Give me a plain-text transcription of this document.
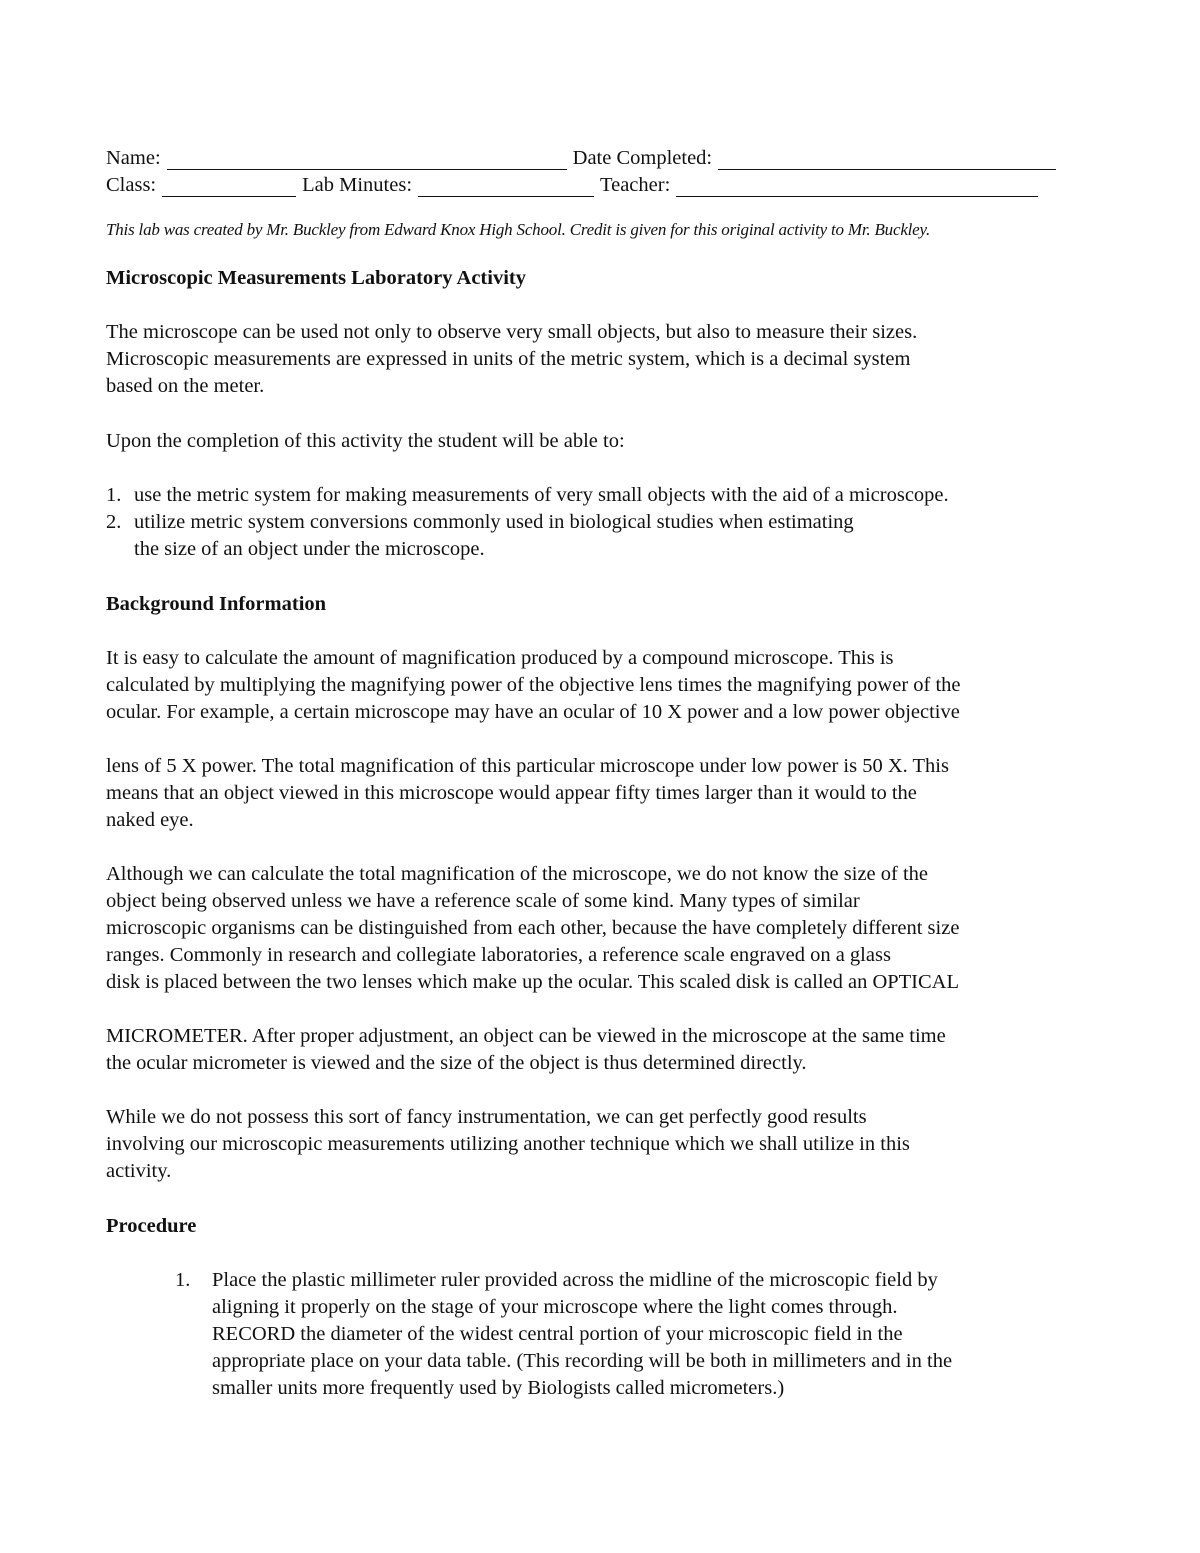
Name:	Date Completed:
Class:	Lab Minutes:	Teacher:
This lab was created by Mr. Buckley from Edward Knox High School. Credit is given for this original activity to Mr. Buckley.
Microscopic Measurements Laboratory Activity
The microscope can be used not only to observe very small objects, but also to measure their sizes.
Microscopic measurements are expressed in units of the metric system, which is a decimal system
based on the meter.
Upon the completion of this activity the student will be able to:
1. use the metric system for making measurements of very small objects with the aid of a microscope.
2. utilize metric system conversions commonly used in biological studies when estimating
the size of an object under the microscope.
Background Information
It is easy to calculate the amount of magnification produced by a compound microscope. This is
calculated by multiplying the magnifying power of the objective lens times the magnifying power of the
ocular. For example, a certain microscope may have an ocular of 10 X power and a low power objective
lens of 5 X power. The total magnification of this particular microscope under low power is 50 X. This
means that an object viewed in this microscope would appear fifty times larger than it would to the
naked eye.
Although we can calculate the total magnification of the microscope, we do not know the size of the
object being observed unless we have a reference scale of some kind. Many types of similar
microscopic organisms can be distinguished from each other, because the have completely different size
ranges. Commonly in research and collegiate laboratories, a reference scale engraved on a glass
disk is placed between the two lenses which make up the ocular. This scaled disk is called an OPTICAL
MICROMETER. After proper adjustment, an object can be viewed in the microscope at the same time
the ocular micrometer is viewed and the size of the object is thus determined directly.
While we do not possess this sort of fancy instrumentation, we can get perfectly good results
involving our microscopic measurements utilizing another technique which we shall utilize in this
activity.
Procedure
1. Place the plastic millimeter ruler provided across the midline of the microscopic field by
aligning it properly on the stage of your microscope where the light comes through.
RECORD the diameter of the widest central portion of your microscopic field in the
appropriate place on your data table. (This recording will be both in millimeters and in the
smaller units more frequently used by Biologists called micrometers.)
